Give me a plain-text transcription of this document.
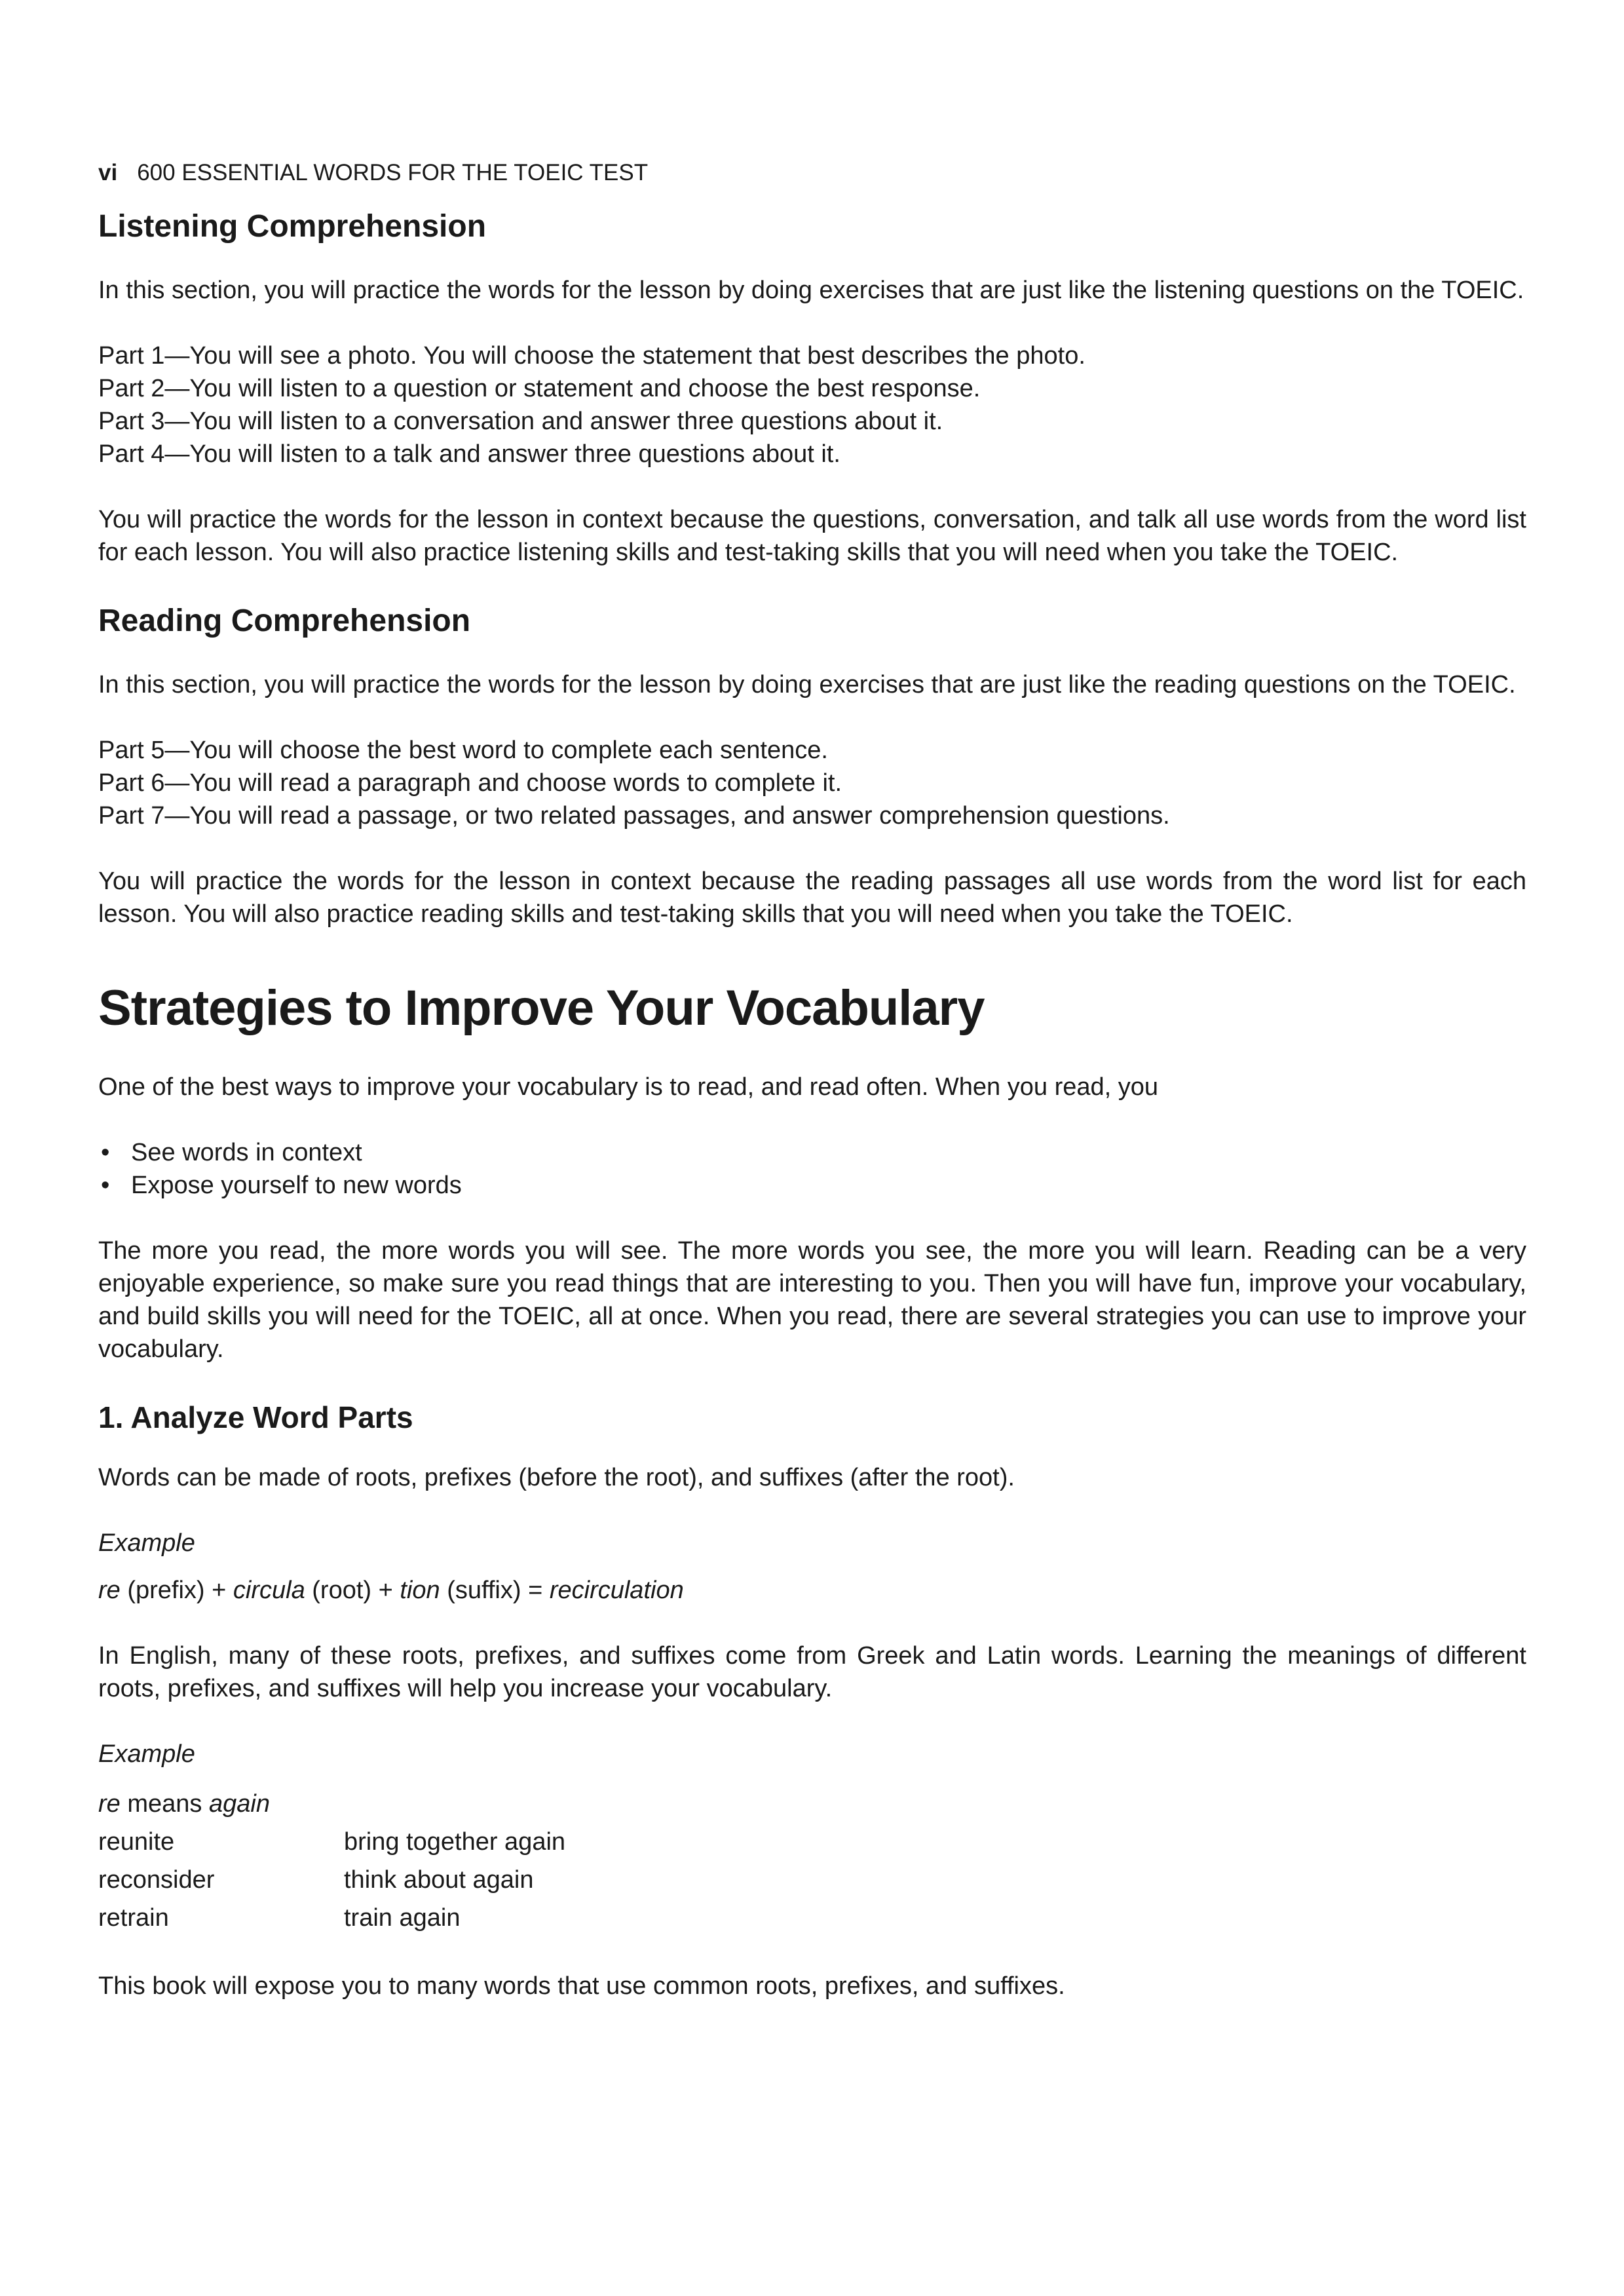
vi 600 ESSENTIAL WORDS FOR THE TOEIC TEST
Listening Comprehension

In this section, you will practice the words for the lesson by doing exercises that are just like the listening questions on the TOEIC.

Part 1—You will see a photo. You will choose the statement that best describes the photo.
Part 2—You will listen to a question or statement and choose the best response.
Part 3—You will listen to a conversation and answer three questions about it.
Part 4—You will listen to a talk and answer three questions about it.

You will practice the words for the lesson in context because the questions, conversation, and talk all use words from the word list for each lesson. You will also practice listening skills and test-taking skills that you will need when you take the TOEIC.

Reading Comprehension

In this section, you will practice the words for the lesson by doing exercises that are just like the reading questions on the TOEIC.

Part 5—You will choose the best word to complete each sentence.
Part 6—You will read a paragraph and choose words to complete it.
Part 7—You will read a passage, or two related passages, and answer comprehension questions.

You will practice the words for the lesson in context because the reading passages all use words from the word list for each lesson. You will also practice reading skills and test-taking skills that you will need when you take the TOEIC.

Strategies to Improve Your Vocabulary

One of the best ways to improve your vocabulary is to read, and read often. When you read, you

• See words in context
• Expose yourself to new words

The more you read, the more words you will see. The more words you see, the more you will learn. Reading can be a very enjoyable experience, so make sure you read things that are interesting to you. Then you will have fun, improve your vocabulary, and build skills you will need for the TOEIC, all at once. When you read, there are several strategies you can use to improve your vocabulary.

1. Analyze Word Parts

Words can be made of roots, prefixes (before the root), and suffixes (after the root).

Example
re (prefix) + circula (root) + tion (suffix) = recirculation

In English, many of these roots, prefixes, and suffixes come from Greek and Latin words. Learning the meanings of different roots, prefixes, and suffixes will help you increase your vocabulary.

Example
re means again
reunite	bring together again
reconsider	think about again
retrain	train again

This book will expose you to many words that use common roots, prefixes, and suffixes.
